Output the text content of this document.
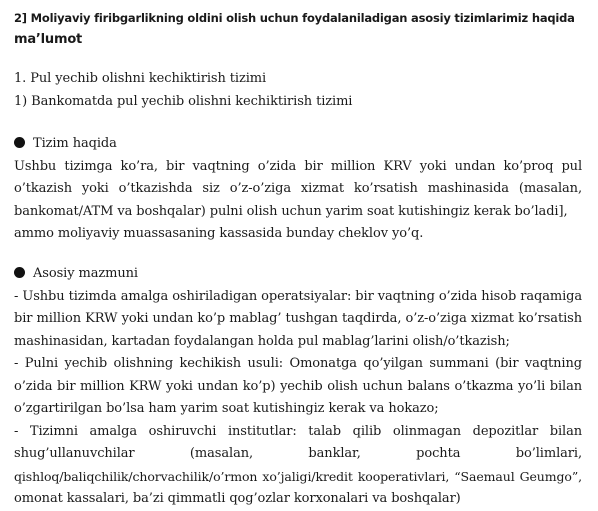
2] Moliyaviy firibgarlikning oldini olish uchun foydalaniladigan asosiy tizimlarimiz haqida
ma’lumot
1. Pul yechib olishni kechiktirish tizimi
1) Bankomatda pul yechib olishni kechiktirish tizimi
Tizim haqida
Ushbu tizimga ko’ra, bir vaqtning o’zida bir million KRV yoki undan ko’proq pul
o’tkazish yoki o’tkazishda siz o’z-o’ziga xizmat ko’rsatish mashinasida (masalan,
bankomat/ATM va boshqalar) pulni olish uchun yarim soat kutishingiz kerak bo’ladi],
ammo moliyaviy muassasaning kassasida bunday cheklov yo’q.
Asosiy mazmuni
- Ushbu tizimda amalga oshiriladigan operatsiyalar: bir vaqtning o’zida hisob raqamiga
bir million KRW yoki undan ko’p mablag’ tushgan taqdirda, o’z-o’ziga xizmat ko’rsatish
mashinasidan, kartadan foydalangan holda pul mablag’larini olish/o’tkazish;
- Pulni yechib olishning kechikish usuli: Omonatga qo’yilgan summani (bir vaqtning
o’zida bir million KRW yoki undan ko’p) yechib olish uchun balans o’tkazma yo’li bilan
o’zgartirilgan bo’lsa ham yarim soat kutishingiz kerak va hokazo;
- Tizimni amalga oshiruvchi institutlar: talab qilib olinmagan depozitlar bilan
shug’ullanuvchilar (masalan, banklar, pochta bo’limlari,
qishloq/baliqchilik/chorvachilik/o’rmon xo’jaligi/kredit kooperativlari, “Saemaul Geumgo”,
omonat kassalari, ba’zi qimmatli qog’ozlar korxonalari va boshqalar)
